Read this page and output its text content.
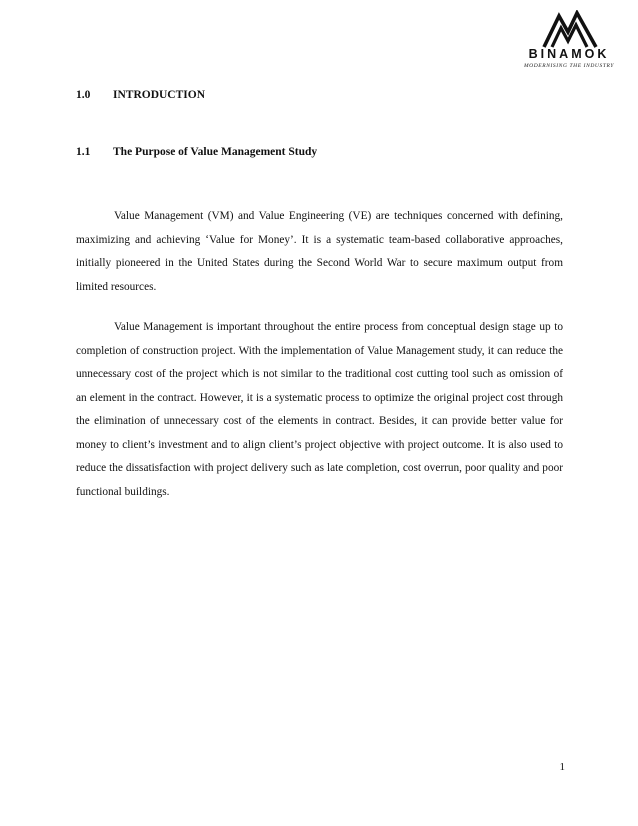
BINAMOK
MODERNISING THE INDUSTRY
1.0 INTRODUCTION
1.1 The Purpose of Value Management Study

Value Management (VM) and Value Engineering (VE) are techniques concerned with defining, maximizing and achieving ‘Value for Money’. It is a systematic team-based collaborative approaches, initially pioneered in the United States during the Second World War to secure maximum output from limited resources.

Value Management is important throughout the entire process from conceptual design stage up to completion of construction project. With the implementation of Value Management study, it can reduce the unnecessary cost of the project which is not similar to the traditional cost cutting tool such as omission of an element in the contract. However, it is a systematic process to optimize the original project cost through the elimination of unnecessary cost of the elements in contract. Besides, it can provide better value for money to client’s investment and to align client’s project objective with project outcome. It is also used to reduce the dissatisfaction with project delivery such as late completion, cost overrun, poor quality and poor functional buildings.

1
